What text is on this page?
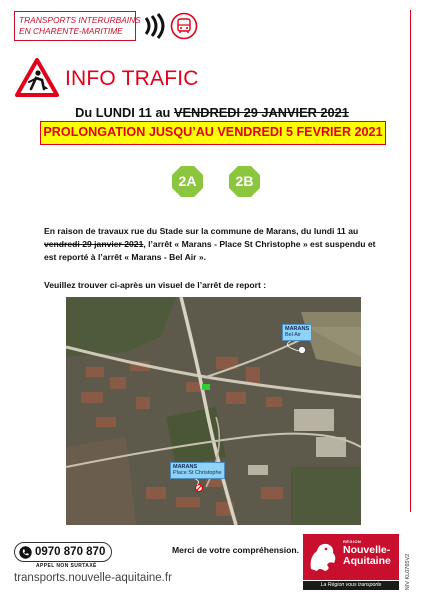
TRANSPORTS INTERURBAINS
EN CHARENTE-MARITIME
INFO TRAFIC
Du LUNDI 11 au VENDREDI 29 JANVIER 2021
PROLONGATION JUSQU’AU VENDREDI 5 FEVRIER 2021
2A	2B
En raison de travaux rue du Stade sur la commune de Marans, du lundi 11 au
vendredi 29 janvier 2021, l’arrêt « Marans - Place St Christophe » est suspendu et
est reporté à l’arrêt « Marans - Bel Air ».
Veuillez trouver ci-après un visuel de l’arrêt de report :
MARANS
Bel Air
MARANS
Place St Christophe
0970 870 870
APPEL NON SURTAXÉ
transports.nouvelle-aquitaine.fr
Merci de votre compréhension.
RÉGION
Nouvelle-
Aquitaine
La Région vous transporte	NIV KL0765V2
